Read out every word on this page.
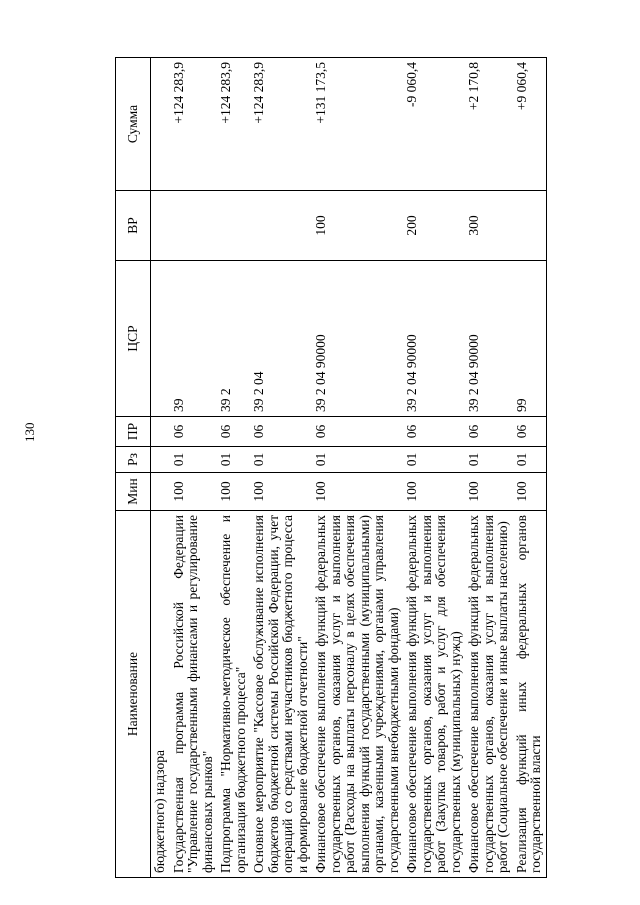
130
Наименование	Мин	Рз	ПР	ЦСР	ВР	Сумма
бюджетного) надзора						
Государственная программа Российской Федерации "Управление государственными финансами и регулирование финансовых рынков"	100	01	06	39		+124 283,9
Подпрограмма "Нормативно-методическое обеспечение и организация бюджетного процесса"	100	01	06	39 2		+124 283,9
Основное мероприятие "Кассовое обслуживание исполнения бюджетов бюджетной системы Российской Федерации, учет операций со средствами неучастников бюджетного процесса и формирование бюджетной отчетности"	100	01	06	39 2 04		+124 283,9
Финансовое обеспечение выполнения функций федеральных государственных органов, оказания услуг и выполнения работ (Расходы на выплаты персоналу в целях обеспечения выполнения функций государственными (муниципальными) органами, казенными учреждениями, органами управления государственными внебюджетными фондами)	100	01	06	39 2 04 90000	100	+131 173,5
Финансовое обеспечение выполнения функций федеральных государственных органов, оказания услуг и выполнения работ (Закупка товаров, работ и услуг для обеспечения государственных (муниципальных) нужд)	100	01	06	39 2 04 90000	200	-9 060,4
Финансовое обеспечение выполнения функций федеральных государственных органов, оказания услуг и выполнения работ (Социальное обеспечение и иные выплаты населению)	100	01	06	39 2 04 90000	300	+2 170,8
Реализация функций иных федеральных органов государственной власти	100	01	06	99		+9 060,4
